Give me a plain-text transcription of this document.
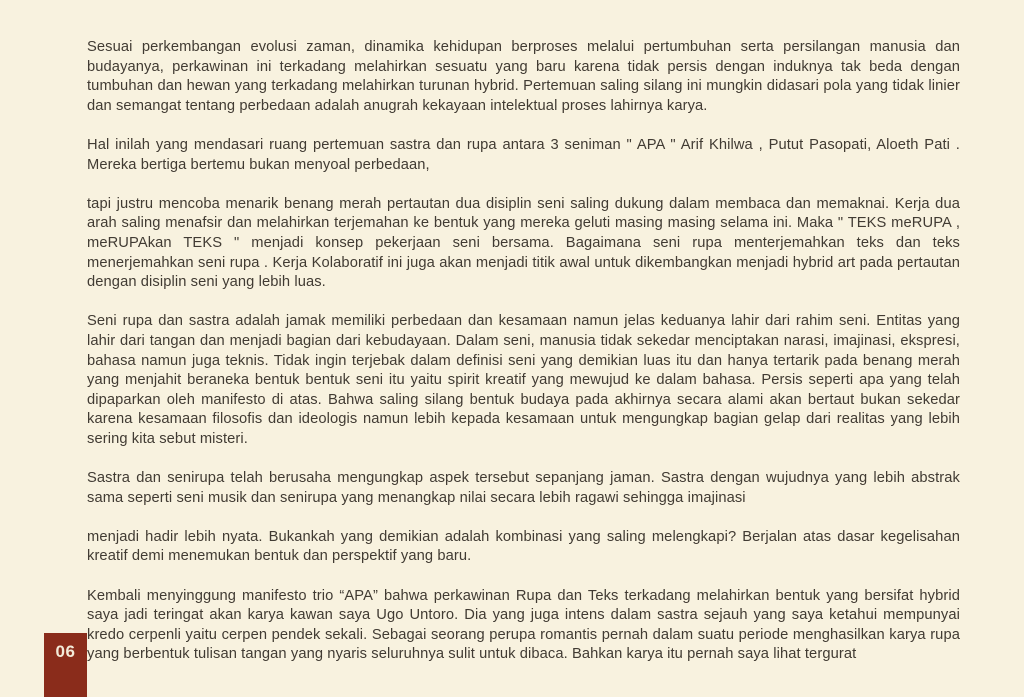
Sesuai perkembangan evolusi zaman, dinamika kehidupan berproses melalui pertumbuhan serta persilangan manusia dan budayanya, perkawinan ini terkadang melahirkan sesuatu yang baru karena tidak persis dengan induknya tak beda dengan tumbuhan dan hewan yang terkadang melahirkan turunan hybrid. Pertemuan saling silang ini mungkin didasari pola yang tidak linier dan semangat tentang perbedaan adalah anugrah kekayaan intelektual proses lahirnya karya.

Hal inilah yang mendasari ruang pertemuan sastra dan rupa antara 3 seniman " APA " Arif Khilwa , Putut Pasopati, Aloeth Pati . Mereka bertiga bertemu bukan menyoal perbedaan,

tapi justru mencoba menarik benang merah pertautan dua disiplin seni saling dukung dalam membaca dan memaknai. Kerja dua arah saling menafsir dan melahirkan terjemahan ke bentuk yang mereka geluti masing masing selama ini. Maka " TEKS meRUPA , meRUPAkan TEKS " menjadi konsep pekerjaan seni bersama. Bagaimana seni rupa menterjemahkan teks dan teks menerjemahkan seni rupa . Kerja Kolaboratif ini juga akan menjadi titik awal untuk dikembangkan menjadi hybrid art pada pertautan dengan disiplin seni yang lebih luas.

Seni rupa dan sastra adalah jamak memiliki perbedaan dan kesamaan namun jelas keduanya lahir dari rahim seni. Entitas yang lahir dari tangan dan menjadi bagian dari kebudayaan. Dalam seni, manusia tidak sekedar menciptakan narasi, imajinasi, ekspresi, bahasa namun juga teknis. Tidak ingin terjebak dalam definisi seni yang demikian luas itu dan hanya tertarik pada benang merah yang menjahit beraneka bentuk bentuk seni itu yaitu spirit kreatif yang mewujud ke dalam bahasa. Persis seperti apa yang telah dipaparkan oleh manifesto di atas. Bahwa saling silang bentuk budaya pada akhirnya secara alami akan bertaut bukan sekedar karena kesamaan filosofis dan ideologis namun lebih kepada kesamaan untuk mengungkap bagian gelap dari realitas yang lebih sering kita sebut misteri.

Sastra dan senirupa telah berusaha mengungkap aspek tersebut sepanjang jaman. Sastra dengan wujudnya yang lebih abstrak sama seperti seni musik dan senirupa yang menangkap nilai secara lebih ragawi sehingga imajinasi

menjadi hadir lebih nyata. Bukankah yang demikian adalah kombinasi yang saling melengkapi? Berjalan atas dasar kegelisahan kreatif demi menemukan bentuk dan perspektif yang baru.

Kembali menyinggung manifesto trio “APA” bahwa perkawinan Rupa dan Teks terkadang melahirkan bentuk yang bersifat hybrid saya jadi teringat akan karya kawan saya Ugo Untoro. Dia yang juga intens dalam sastra sejauh yang saya ketahui mempunyai kredo cerpenli yaitu cerpen pendek sekali. Sebagai seorang perupa romantis pernah dalam suatu periode menghasilkan karya rupa yang berbentuk tulisan tangan yang nyaris seluruhnya sulit untuk dibaca. Bahkan karya itu pernah saya lihat tergurat

06
